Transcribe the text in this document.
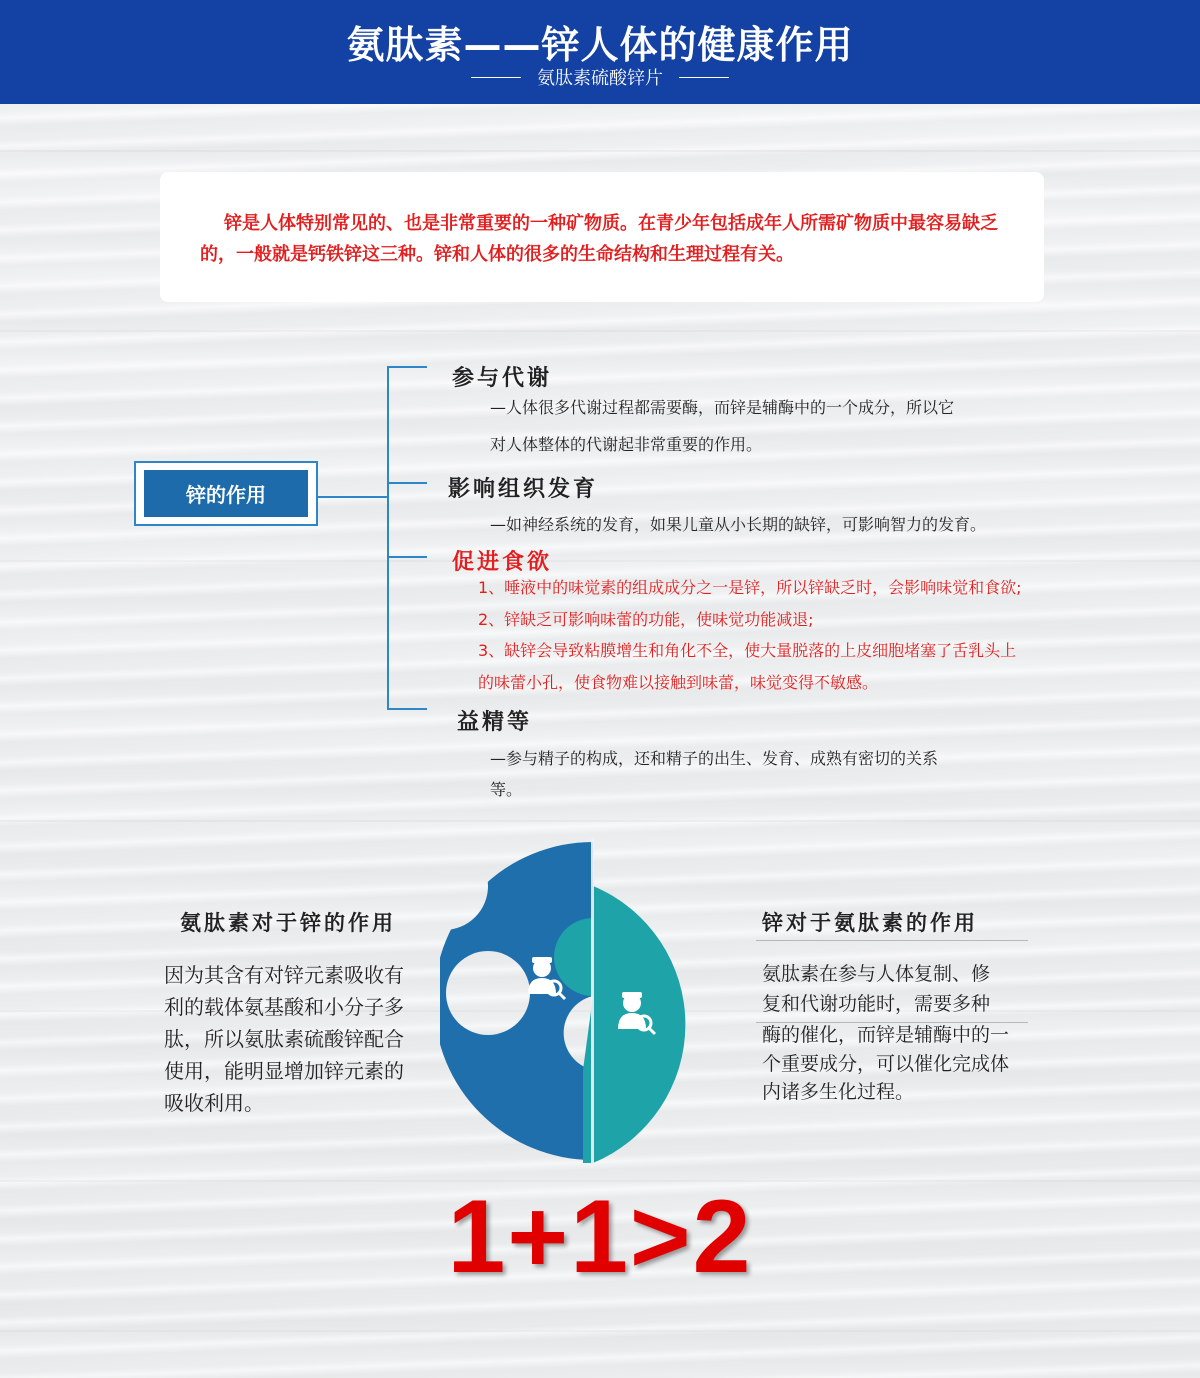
氨肽素——锌人体的健康作用
氨肽素硫酸锌片
锌是人体特别常见的、也是非常重要的一种矿物质。在青少年包括成年人所需矿物质中最容易缺乏的，一般就是钙铁锌这三种。锌和人体的很多的生命结构和生理过程有关。
锌的作用
参与代谢
—人体很多代谢过程都需要酶，而锌是辅酶中的一个成分，所以它
对人体整体的代谢起非常重要的作用。
影响组织发育
—如神经系统的发育，如果儿童从小长期的缺锌，可影响智力的发育。
促进食欲
1、唾液中的味觉素的组成成分之一是锌，所以锌缺乏时，会影响味觉和食欲;
2、锌缺乏可影响味蕾的功能，使味觉功能减退;
3、缺锌会导致粘膜增生和角化不全，使大量脱落的上皮细胞堵塞了舌乳头上
的味蕾小孔，使食物难以接触到味蕾，味觉变得不敏感。
益精等
—参与精子的构成，还和精子的出生、发育、成熟有密切的关系
等。
氨肽素对于锌的作用
因为其含有对锌元素吸收有
利的载体氨基酸和小分子多
肽，所以氨肽素硫酸锌配合
使用，能明显增加锌元素的
吸收利用。
锌对于氨肽素的作用
氨肽素在参与人体复制、修
复和代谢功能时，需要多种
酶的催化，而锌是辅酶中的一
个重要成分，可以催化完成体
内诸多生化过程。
1+1>2
